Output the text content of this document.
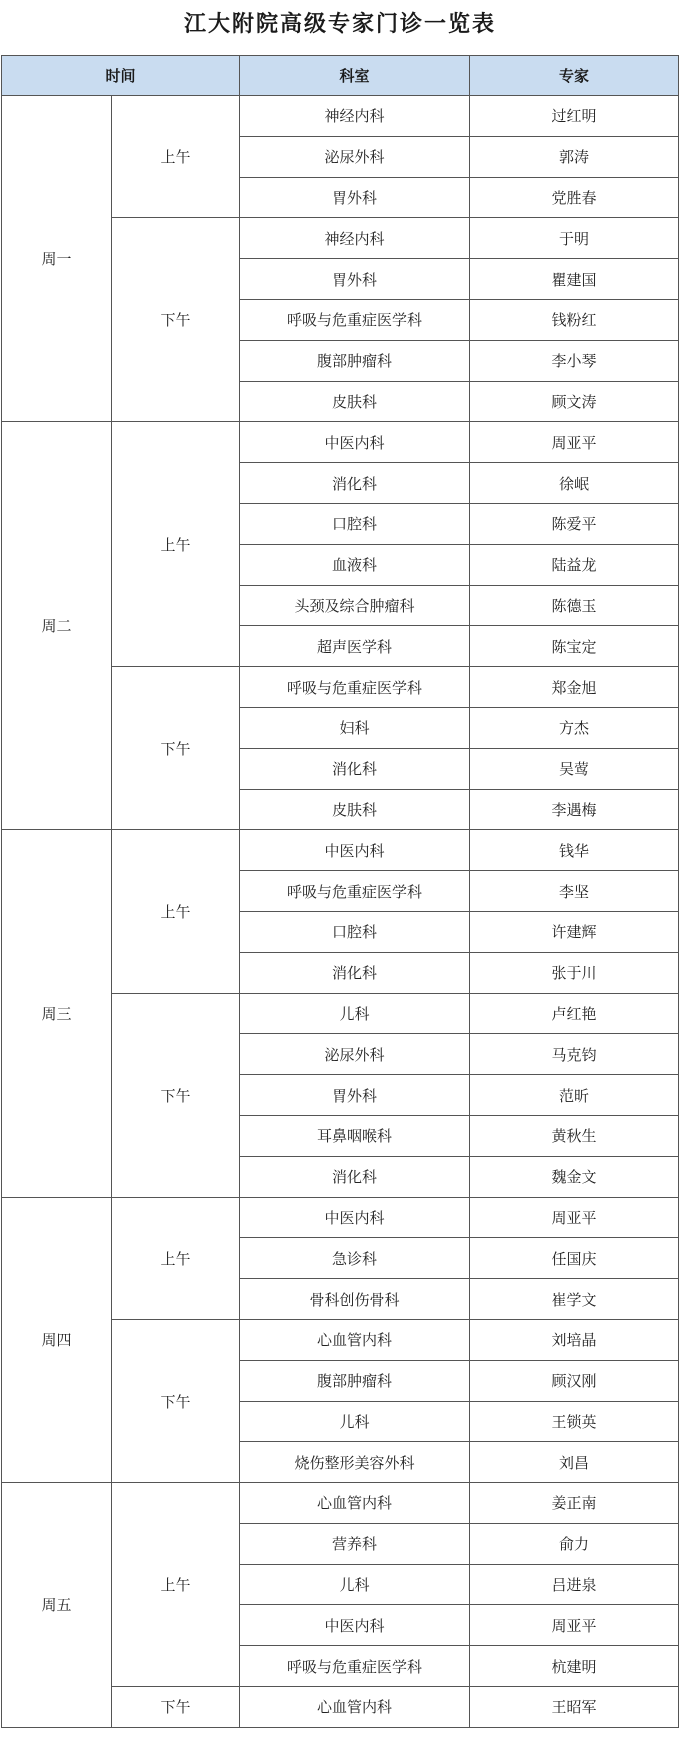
江大附院高级专家门诊一览表
时间		科室	专家
周一	上午	神经内科	过红明
		泌尿外科	郭涛
		胃外科	党胜春
	下午	神经内科	于明
		胃外科	瞿建国
		呼吸与危重症医学科	钱粉红
		腹部肿瘤科	李小琴
		皮肤科	顾文涛
周二	上午	中医内科	周亚平
		消化科	徐岷
		口腔科	陈爱平
		血液科	陆益龙
		头颈及综合肿瘤科	陈德玉
		超声医学科	陈宝定
	下午	呼吸与危重症医学科	郑金旭
		妇科	方杰
		消化科	吴莺
		皮肤科	李遇梅
周三	上午	中医内科	钱华
		呼吸与危重症医学科	李坚
		口腔科	许建辉
		消化科	张于川
	下午	儿科	卢红艳
		泌尿外科	马克钧
		胃外科	范昕
		耳鼻咽喉科	黄秋生
		消化科	魏金文
周四	上午	中医内科	周亚平
		急诊科	任国庆
		骨科创伤骨科	崔学文
	下午	心血管内科	刘培晶
		腹部肿瘤科	顾汉刚
		儿科	王锁英
		烧伤整形美容外科	刘昌
周五	上午	心血管内科	姜正南
		营养科	俞力
		儿科	吕进泉
		中医内科	周亚平
		呼吸与危重症医学科	杭建明
	下午	心血管内科	王昭军
